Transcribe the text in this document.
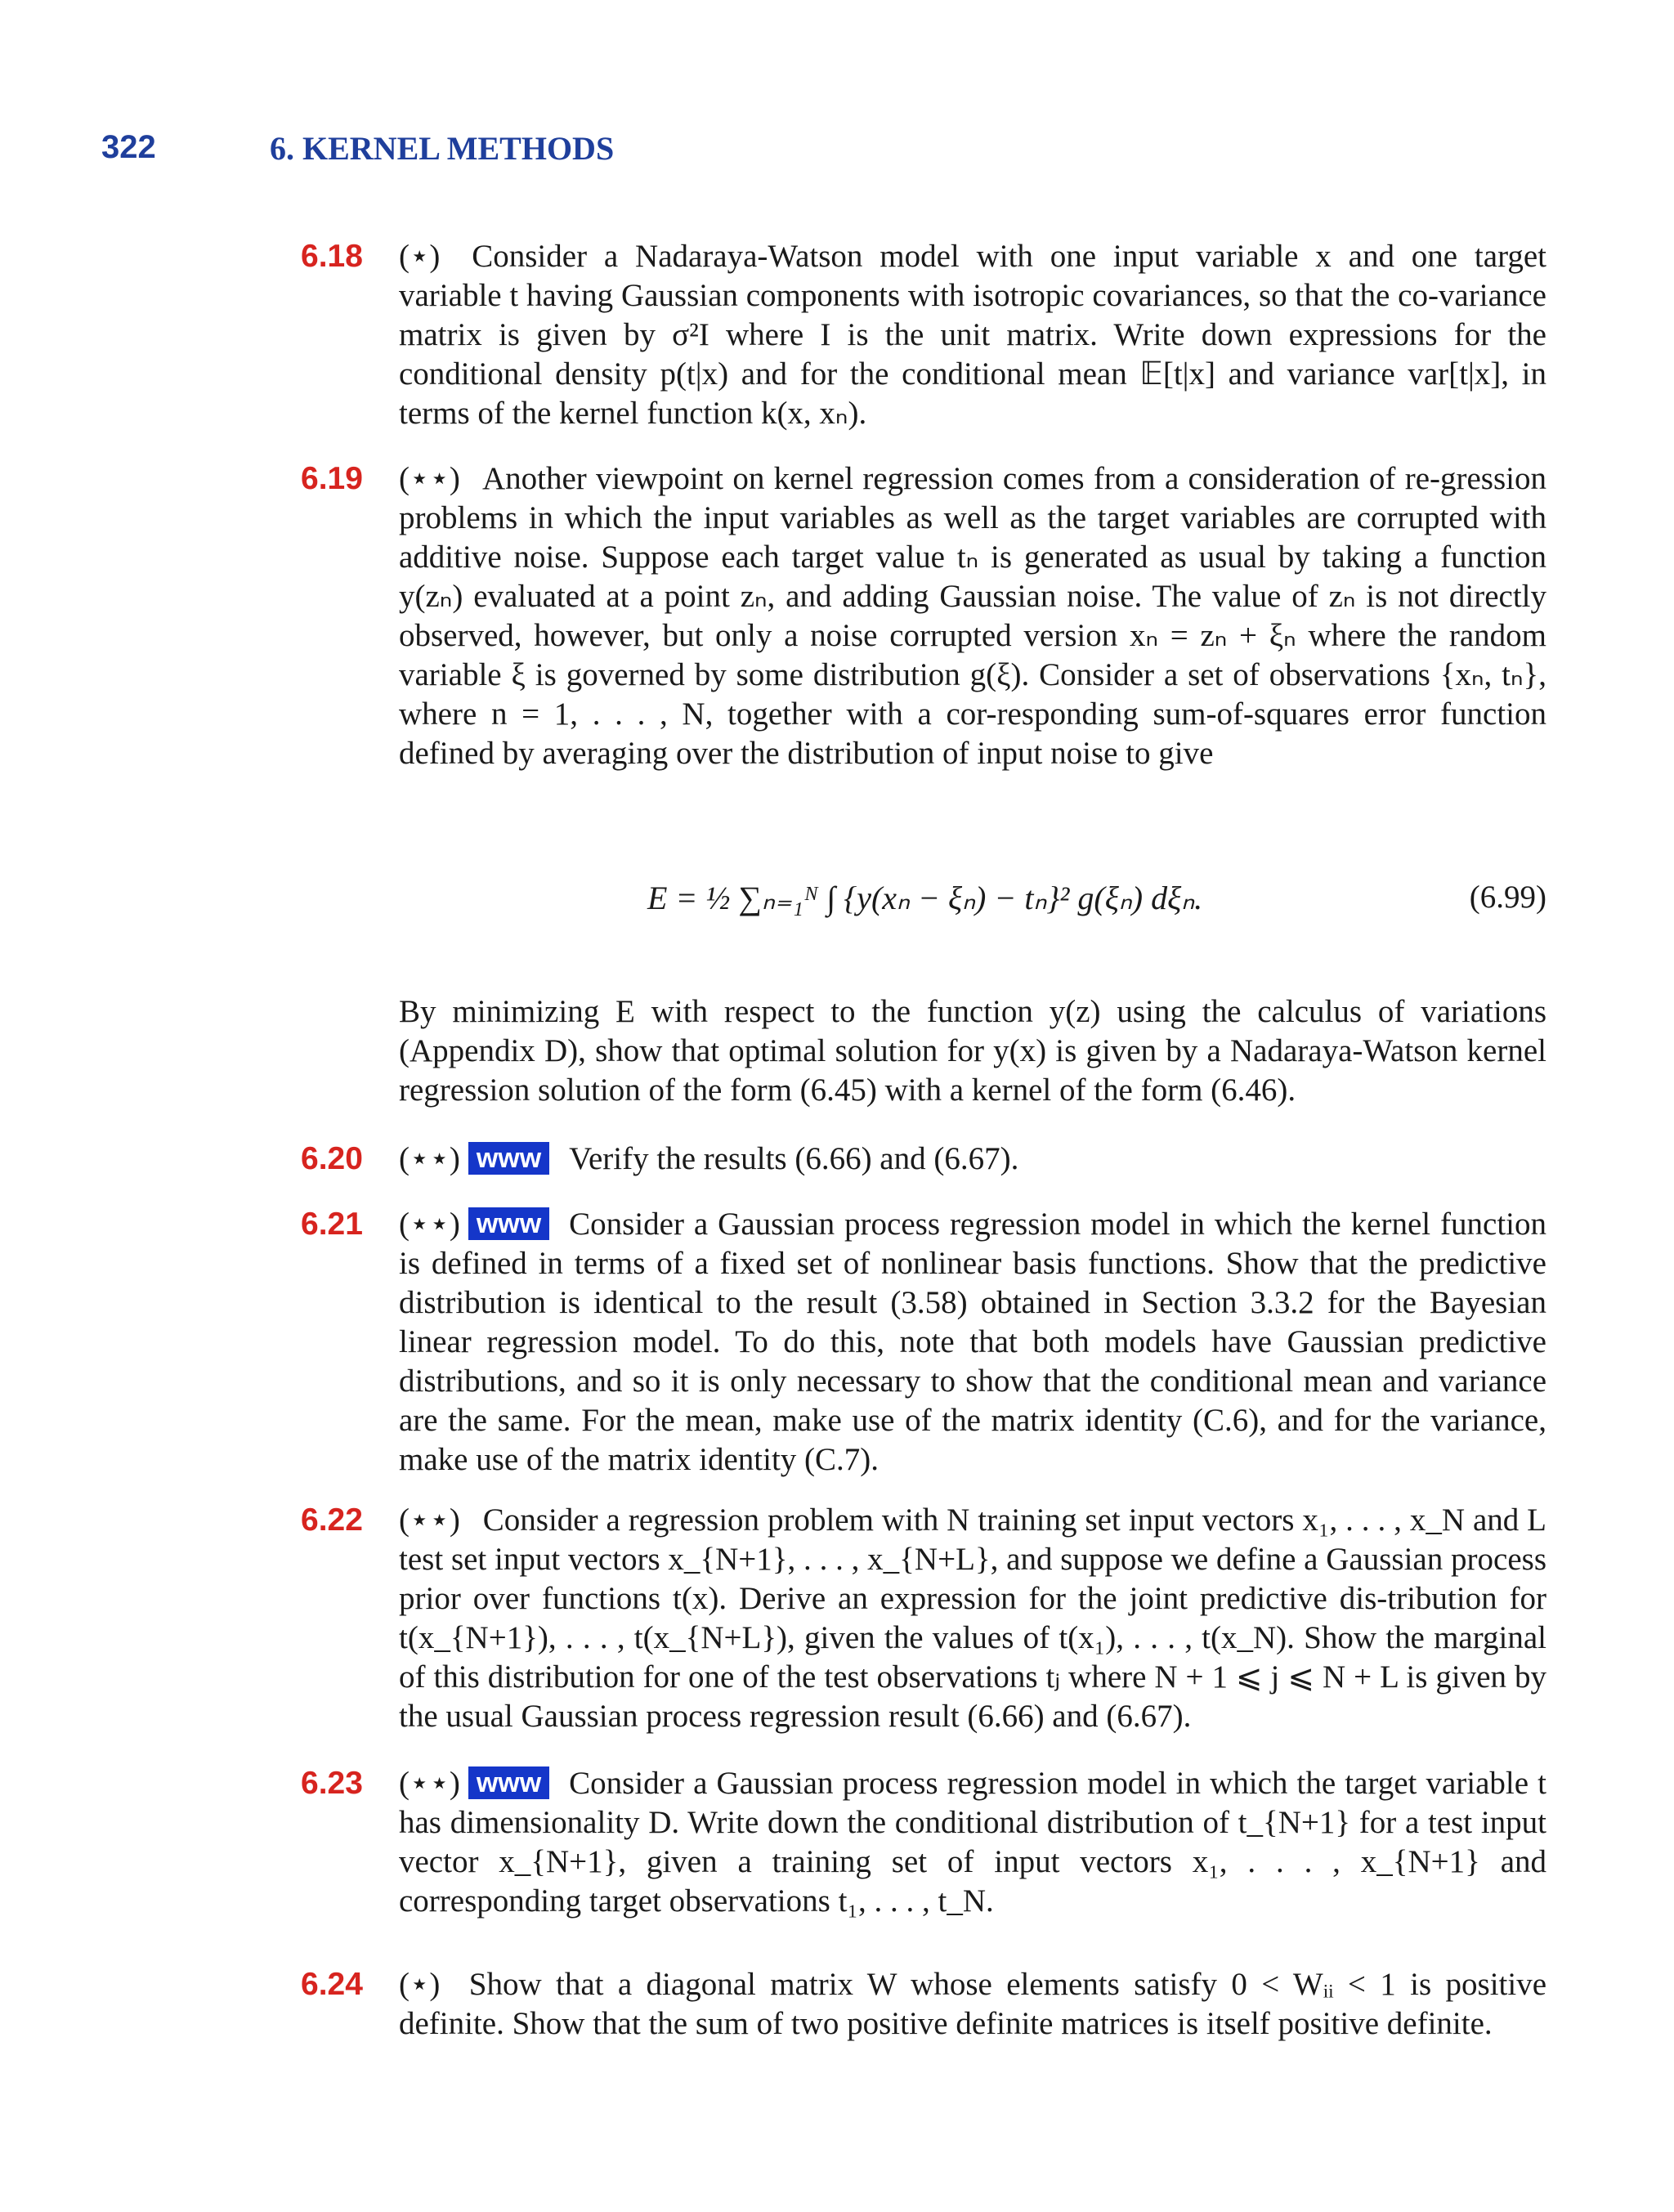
322	6. KERNEL METHODS
6.18 (⋆) Consider a Nadaraya-Watson model with one input variable x and one target variable t having Gaussian components with isotropic covariances, so that the co-variance matrix is given by σ²I where I is the unit matrix. Write down expressions for the conditional density p(t|x) and for the conditional mean 𝔼[t|x] and variance var[t|x], in terms of the kernel function k(x, xₙ).
6.19 (⋆⋆) Another viewpoint on kernel regression comes from a consideration of re-gression problems in which the input variables as well as the target variables are corrupted with additive noise. Suppose each target value tₙ is generated as usual by taking a function y(zₙ) evaluated at a point zₙ, and adding Gaussian noise. The value of zₙ is not directly observed, however, but only a noise corrupted version xₙ = zₙ + ξₙ where the random variable ξ is governed by some distribution g(ξ). Consider a set of observations {xₙ, tₙ}, where n = 1, . . . , N, together with a cor-responding sum-of-squares error function defined by averaging over the distribution of input noise to give
By minimizing E with respect to the function y(z) using the calculus of variations (Appendix D), show that optimal solution for y(x) is given by a Nadaraya-Watson kernel regression solution of the form (6.45) with a kernel of the form (6.46).
E = ½ ∑ₙ₌₁ᴺ ∫ {y(xₙ − ξₙ) − tₙ}² g(ξₙ) dξₙ.	(6.99)
6.20 (⋆⋆) www Verify the results (6.66) and (6.67).
6.21 (⋆⋆) www Consider a Gaussian process regression model in which the kernel function is defined in terms of a fixed set of nonlinear basis functions. Show that the predictive distribution is identical to the result (3.58) obtained in Section 3.3.2 for the Bayesian linear regression model. To do this, note that both models have Gaussian predictive distributions, and so it is only necessary to show that the conditional mean and variance are the same. For the mean, make use of the matrix identity (C.6), and for the variance, make use of the matrix identity (C.7).
6.22 (⋆⋆) Consider a regression problem with N training set input vectors x₁, . . . , x_N and L test set input vectors x_{N+1}, . . . , x_{N+L}, and suppose we define a Gaussian process prior over functions t(x). Derive an expression for the joint predictive dis-tribution for t(x_{N+1}), . . . , t(x_{N+L}), given the values of t(x₁), . . . , t(x_N). Show the marginal of this distribution for one of the test observations tⱼ where N + 1 ⩽ j ⩽ N + L is given by the usual Gaussian process regression result (6.66) and (6.67).
6.23 (⋆⋆) www Consider a Gaussian process regression model in which the target variable t has dimensionality D. Write down the conditional distribution of t_{N+1} for a test input vector x_{N+1}, given a training set of input vectors x₁, . . . , x_{N+1} and corresponding target observations t₁, . . . , t_N.
6.24 (⋆) Show that a diagonal matrix W whose elements satisfy 0 < Wᵢᵢ < 1 is positive definite. Show that the sum of two positive definite matrices is itself positive definite.
